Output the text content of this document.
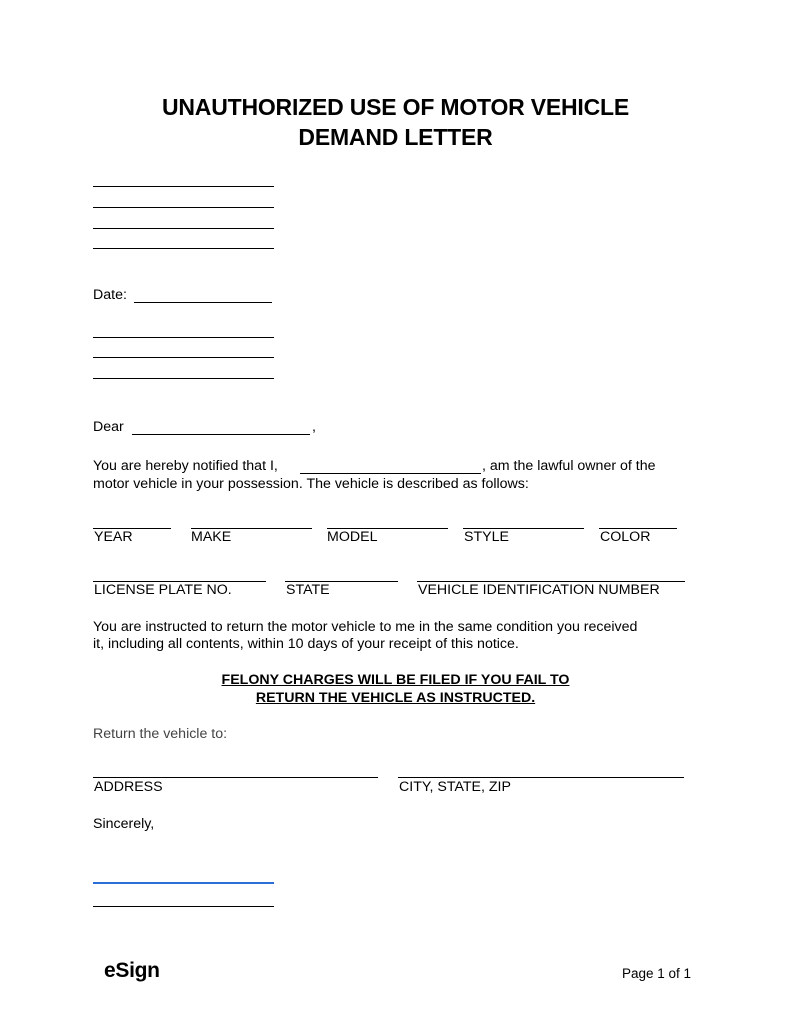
UNAUTHORIZED USE OF MOTOR VEHICLE
DEMAND LETTER
Date:
Dear	,
You are hereby notified that I,	, am the lawful owner of the
motor vehicle in your possession. The vehicle is described as follows:
YEAR	MAKE	MODEL	STYLE	COLOR
LICENSE PLATE NO.	STATE	VEHICLE IDENTIFICATION NUMBER
You are instructed to return the motor vehicle to me in the same condition you received
it, including all contents, within 10 days of your receipt of this notice.
FELONY CHARGES WILL BE FILED IF YOU FAIL TO
RETURN THE VEHICLE AS INSTRUCTED.
Return the vehicle to:
ADDRESS	CITY, STATE, ZIP
Sincerely,
eSign	Page 1 of 1
